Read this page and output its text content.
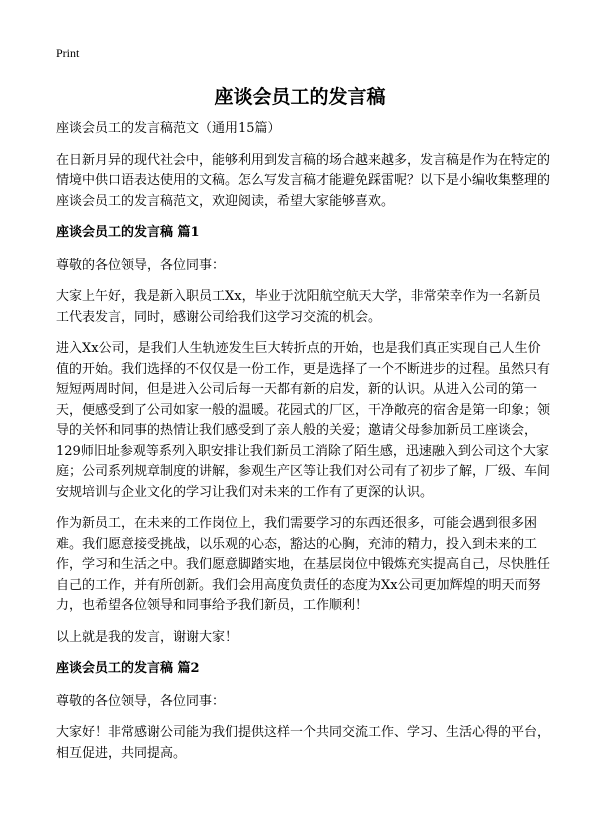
Print
座谈会员工的发言稿

座谈会员工的发言稿范文（通用15篇）

在日新月异的现代社会中，能够利用到发言稿的场合越来越多，发言稿是作为在特定的情境中供口语表达使用的文稿。怎么写发言稿才能避免踩雷呢？以下是小编收集整理的座谈会员工的发言稿范文，欢迎阅读，希望大家能够喜欢。

座谈会员工的发言稿 篇1

尊敬的各位领导，各位同事：

大家上午好，我是新入职员工Xx，毕业于沈阳航空航天大学，非常荣幸作为一名新员工代表发言，同时，感谢公司给我们这学习交流的机会。

进入Xx公司，是我们人生轨迹发生巨大转折点的开始，也是我们真正实现自己人生价值的开始。我们选择的不仅仅是一份工作，更是选择了一个不断进步的过程。虽然只有短短两周时间，但是进入公司后每一天都有新的启发，新的认识。从进入公司的第一天，便感受到了公司如家一般的温暖。花园式的厂区，干净敞亮的宿舍是第一印象；领导的关怀和同事的热情让我们感受到了亲人般的关爱；邀请父母参加新员工座谈会，129师旧址参观等系列入职安排让我们新员工消除了陌生感，迅速融入到公司这个大家庭；公司系列规章制度的讲解，参观生产区等让我们对公司有了初步了解，厂级、车间安规培训与企业文化的学习让我们对未来的工作有了更深的认识。

作为新员工，在未来的工作岗位上，我们需要学习的东西还很多，可能会遇到很多困难。我们愿意接受挑战，以乐观的心态，豁达的心胸，充沛的精力，投入到未来的工作，学习和生活之中。我们愿意脚踏实地，在基层岗位中锻炼充实提高自己，尽快胜任自己的工作，并有所创新。我们会用高度负责任的态度为Xx公司更加辉煌的明天而努力，也希望各位领导和同事给予我们新员，工作顺利！

以上就是我的发言，谢谢大家！

座谈会员工的发言稿 篇2

尊敬的各位领导，各位同事：

大家好！非常感谢公司能为我们提供这样一个共同交流工作、学习、生活心得的平台，相互促进，共同提高。
